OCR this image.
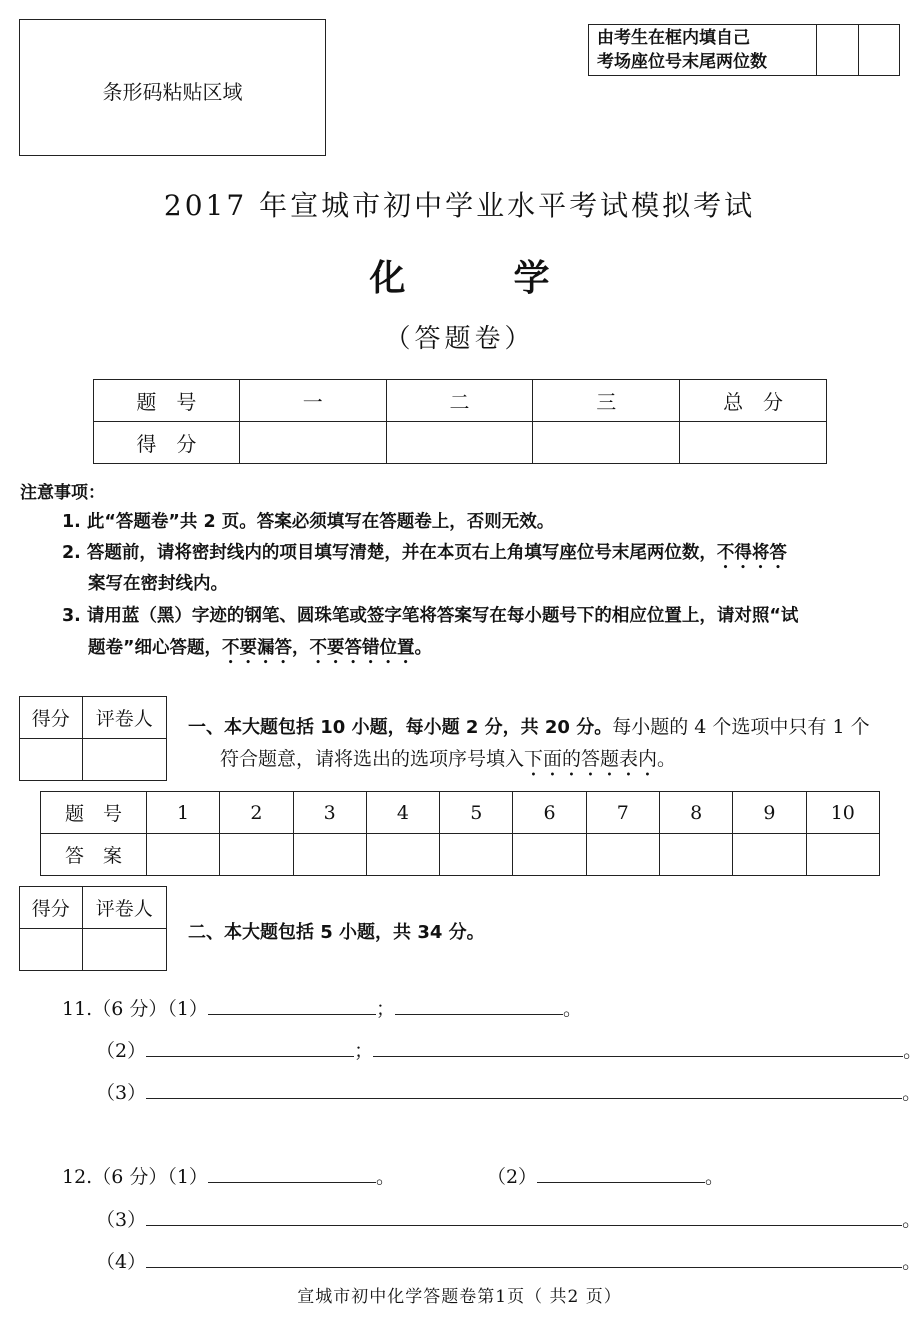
条形码粘贴区域
由考生在框内填自己
考场座位号末尾两位数
2017 年宣城市初中学业水平考试模拟考试
化　　　学
（答题卷）
题　号	一	二	三	总　分
得　分				
注意事项：
1. 此“答题卷”共 2 页。答案必须填写在答题卷上，否则无效。
2. 答题前，请将密封线内的项目填写清楚，并在本页右上角填写座位号末尾两位数，不得将答
案写在密封线内。
3. 请用蓝（黑）字迹的钢笔、圆珠笔或签字笔将答案写在每小题号下的相应位置上，请对照“试
题卷”细心答题，不要漏答，不要答错位置。
得分	评卷人
	一、本大题包括 10 小题，每小题 2 分，共 20 分。每小题的 4 个选项中只有 1 个
符合题意，请将选出的选项序号填入下面的答题表内。
题　号	1	2	3	4	5	6	7	8	9	10
答　案										
得分	评卷人

二、本大题包括 5 小题，共 34 分。
11.（6 分）（1）	；	。
（2）	；	。
（3）	。
12.（6 分）（1）	。	（2）	。
（3）	。
（4）	。
宣城市初中化学答题卷第1页（ 共2 页）
